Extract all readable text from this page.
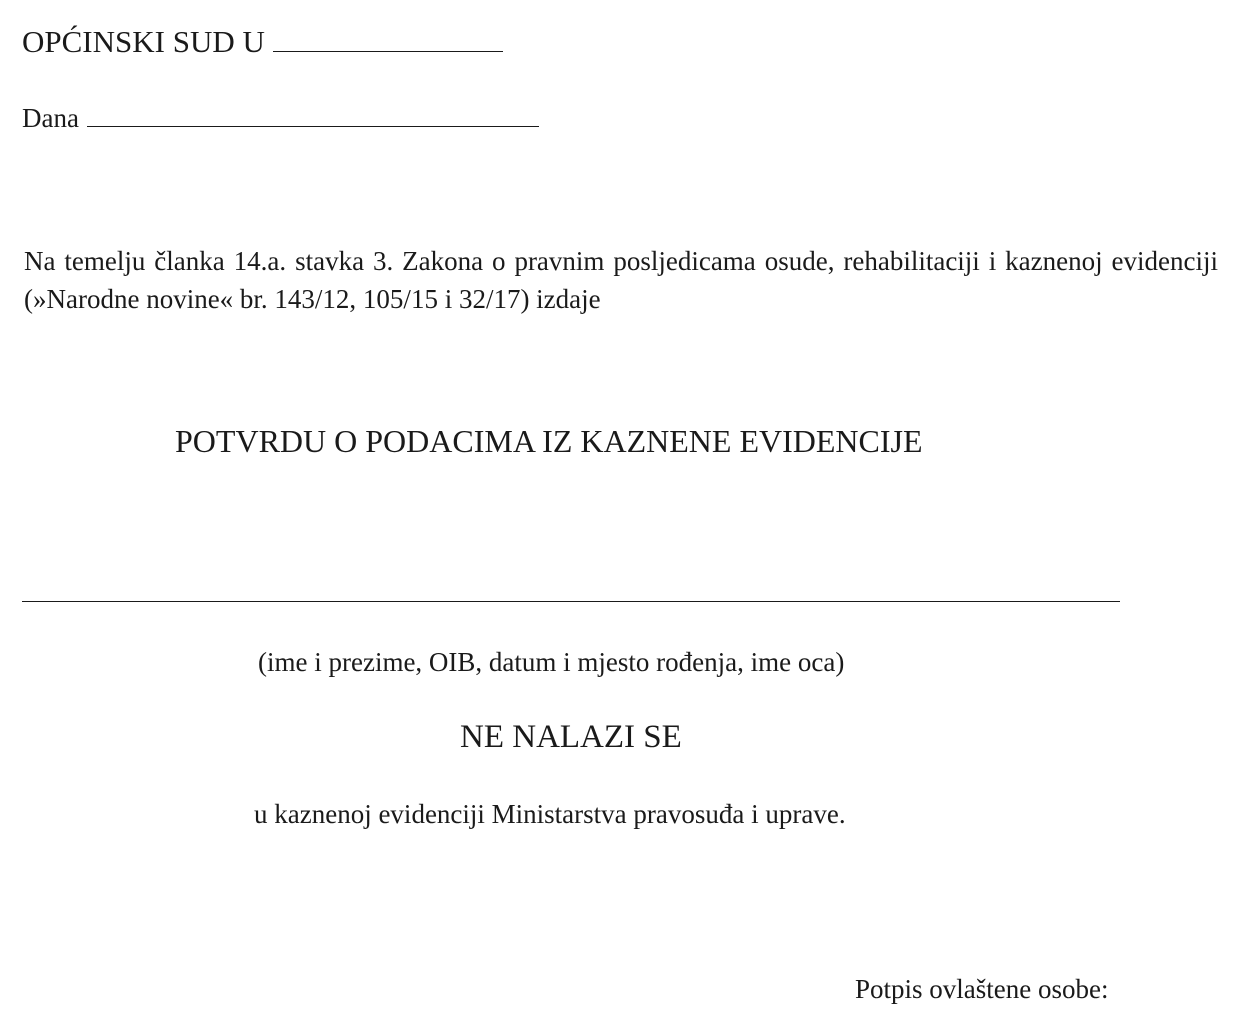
OPĆINSKI SUD U
Dana

Na temelju članka 14.a. stavka 3. Zakona o pravnim posljedicama osude, rehabilitaciji i kaznenoj evidenciji (»Narodne novine« br. 143/12, 105/15 i 32/17) izdaje

POTVRDU O PODACIMA IZ KAZNENE EVIDENCIJE
(ime i prezime, OIB, datum i mjesto rođenja, ime oca)
NE NALAZI SE
u kaznenoj evidenciji Ministarstva pravosuđa i uprave.
Potpis ovlaštene osobe:
